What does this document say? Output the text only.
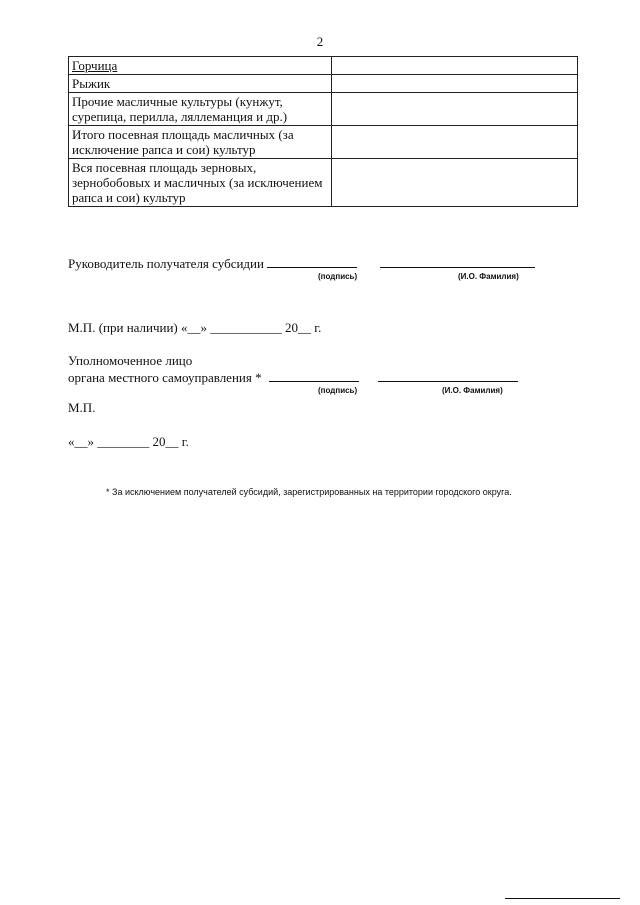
2
Горчица	
Рыжик	
Прочие масличные культуры (кунжут, сурепица, перилла, ляллеманция и др.)	
Итого посевная площадь масличных (за исключение рапса и сои) культур	
Вся посевная площадь зерновых, зернобобовых и масличных (за исключением рапса и сои) культур	
Руководитель получателя субсидии
(подпись)	(И.О. Фамилия)
М.П. (при наличии) «__» ___________ 20__ г.
Уполномоченное лицо
органа местного самоуправления *
(подпись)	(И.О. Фамилия)
М.П.
«__» ________ 20__ г.
* За исключением получателей субсидий, зарегистрированных на территории городского округа.
